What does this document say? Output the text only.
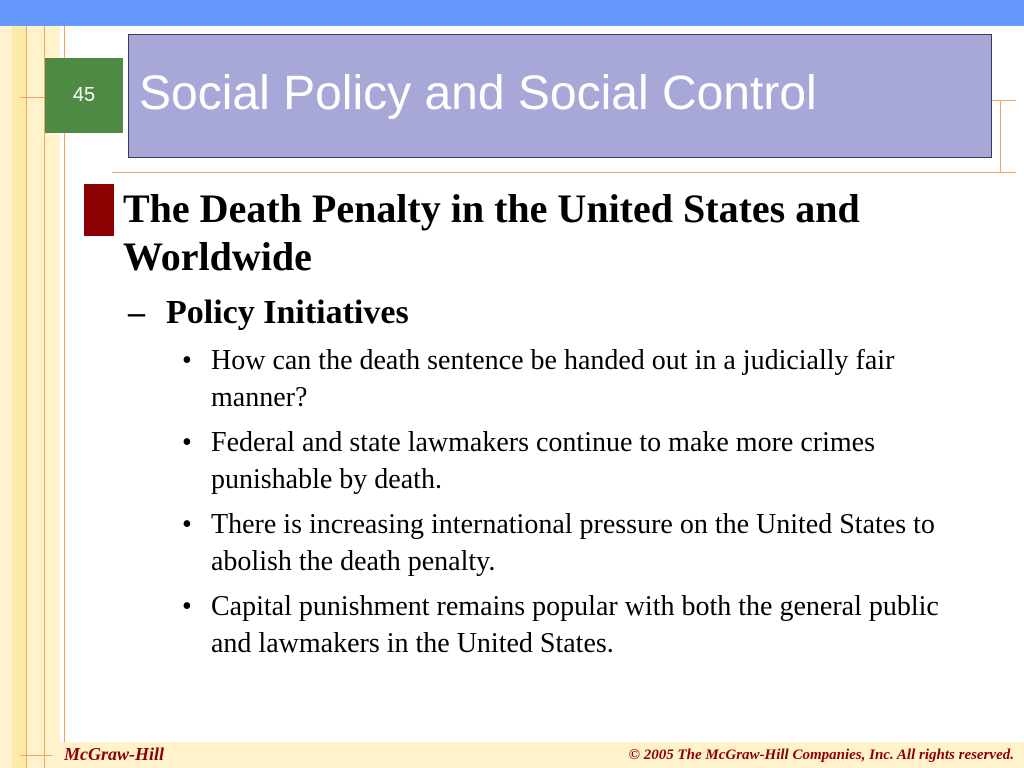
45 Social Policy and Social Control
The Death Penalty in the United States and Worldwide
– Policy Initiatives
• How can the death sentence be handed out in a judicially fair manner?
• Federal and state lawmakers continue to make more crimes punishable by death.
• There is increasing international pressure on the United States to abolish the death penalty.
• Capital punishment remains popular with both the general public and lawmakers in the United States.
McGraw-Hill	© 2005 The McGraw-Hill Companies, Inc. All rights reserved.
